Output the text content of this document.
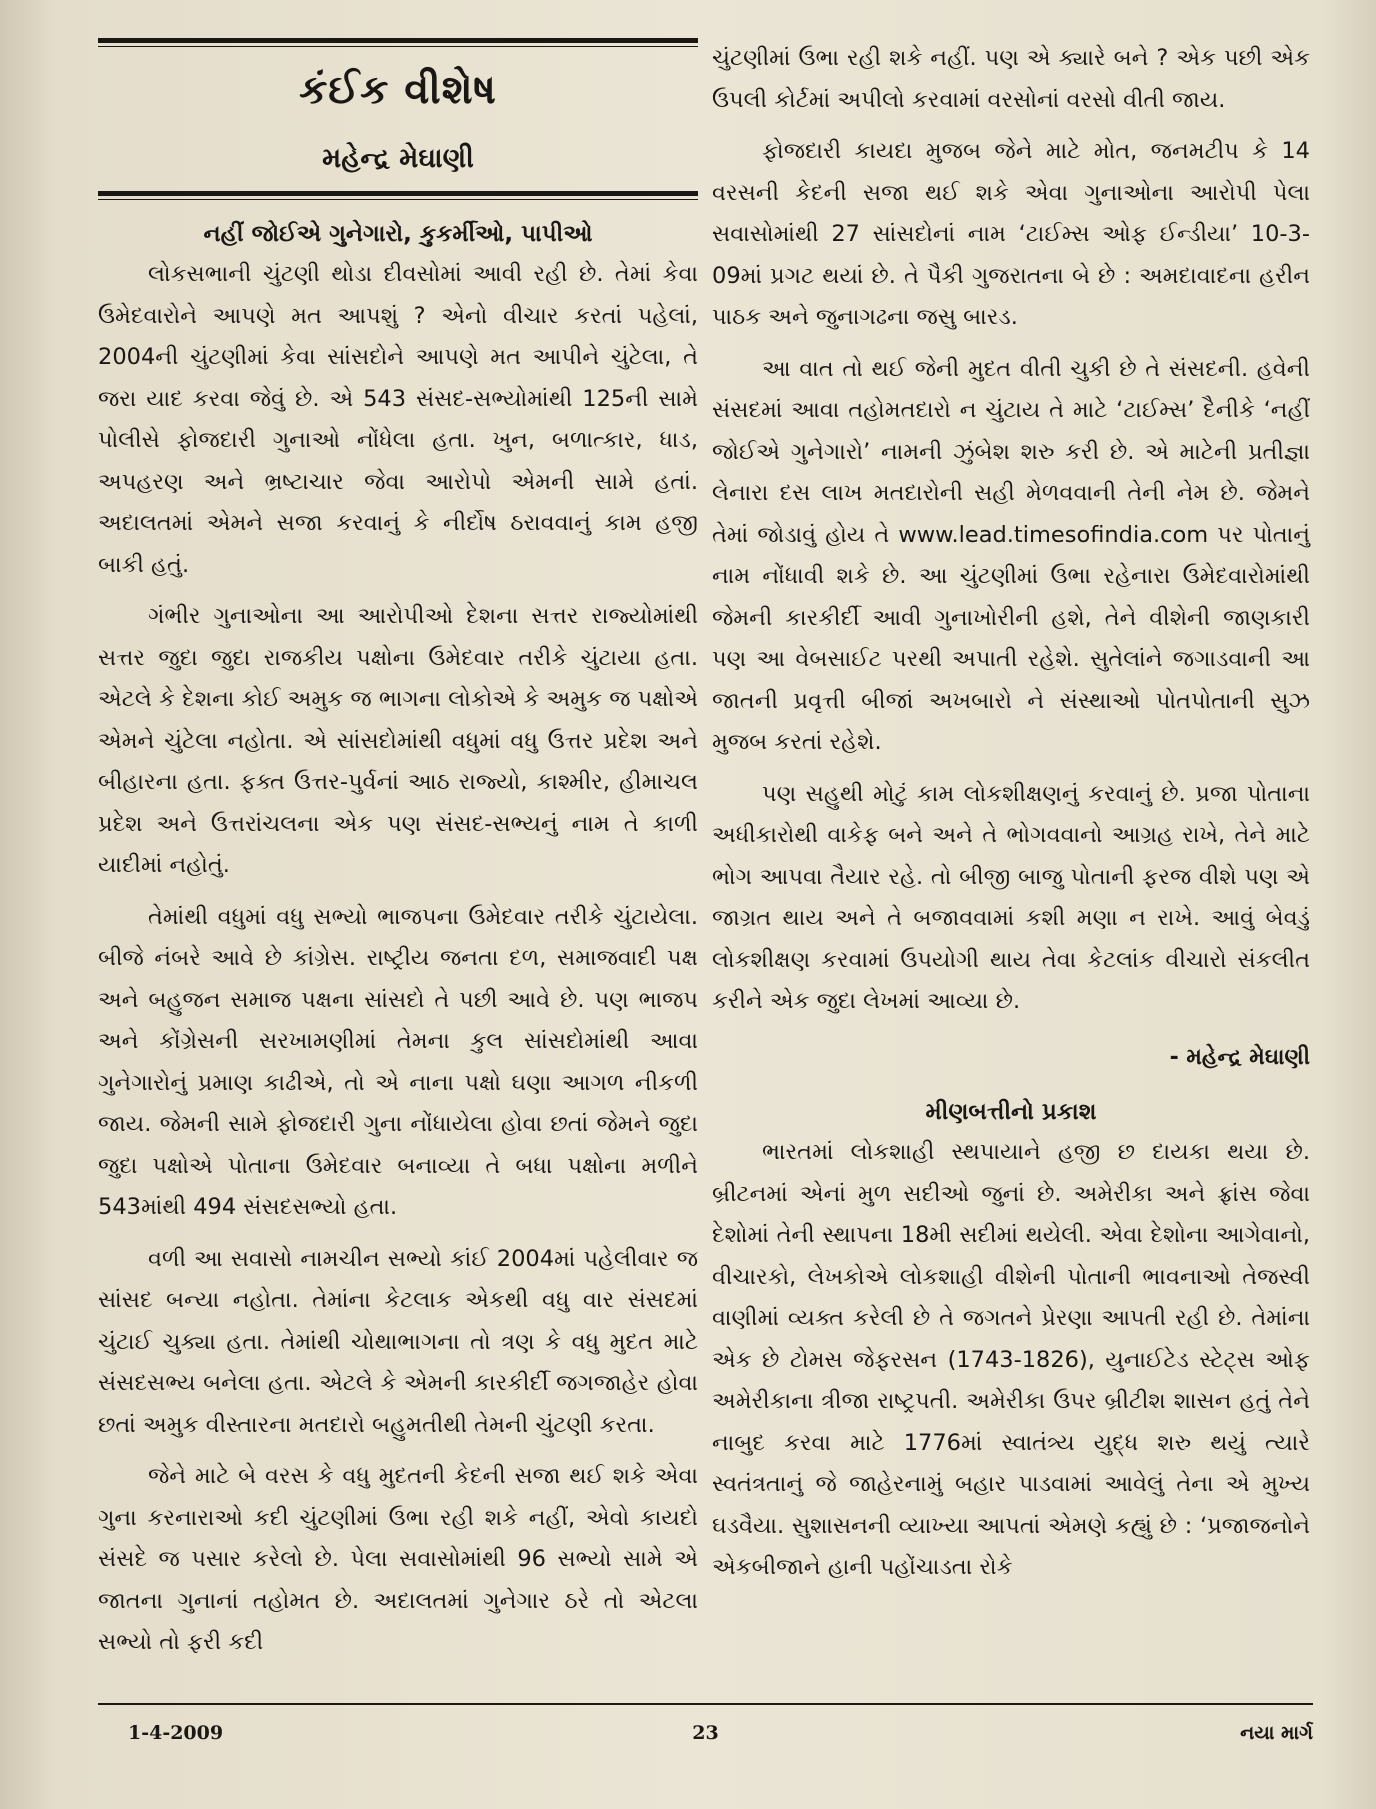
કંઈક વીશેષ
મહેન્દ્ર મેઘાણી
નહીં જોઈએ ગુનેગારો, કુકર્મીઓ, પાપીઓ

લોકસભાની ચુંટણી થોડા દીવસોમાં આવી રહી છે. તેમાં કેવા ઉમેદવારોને આપણે મત આપશું ? એનો વીચાર કરતાં પહેલાં, 2004ની ચુંટણીમાં કેવા સાંસદોને આપણે મત આપીને ચુંટેલા, તે જરા યાદ કરવા જેવું છે. એ 543 સંસદ-સભ્યોમાંથી 125ની સામે પોલીસે ફોજદારી ગુનાઓ નોંધેલા હતા. ખુન, બળાત્કાર, ધાડ, અપહરણ અને ભ્રષ્ટાચાર જેવા આરોપો એમની સામે હતાં. અદાલતમાં એમને સજા કરવાનું કે નીર્દોષ ઠરાવવાનું કામ હજી બાકી હતું.

ગંભીર ગુનાઓના આ આરોપીઓ દેશના સત્તર રાજ્યોમાંથી સત્તર જુદા જુદા રાજકીય પક્ષોના ઉમેદવાર તરીકે ચુંટાયા હતા. એટલે કે દેશના કોઈ અમુક જ ભાગના લોકોએ કે અમુક જ પક્ષોએ એમને ચુંટેલા નહોતા. એ સાંસદોમાંથી વધુમાં વધુ ઉત્તર પ્રદેશ અને બીહારના હતા. ફક્ત ઉત્તર-પુર્વનાં આઠ રાજ્યો, કાશ્મીર, હીમાચલ પ્રદેશ અને ઉત્તરાંચલના એક પણ સંસદ-સભ્યનું નામ તે કાળી યાદીમાં નહોતું.

તેમાંથી વધુમાં વધુ સભ્યો ભાજપના ઉમેદવાર તરીકે ચુંટાયેલા. બીજે નંબરે આવે છે કાંગ્રેસ. રાષ્ટ્રીય જનતા દળ, સમાજવાદી પક્ષ અને બહુજન સમાજ પક્ષના સાંસદો તે પછી આવે છે. પણ ભાજપ અને કોંગ્રેસની સરખામણીમાં તેમના કુલ સાંસદોમાંથી આવા ગુનેગારોનું પ્રમાણ કાઢીએ, તો એ નાના પક્ષો ઘણા આગળ નીકળી જાય. જેમની સામે ફોજદારી ગુના નોંધાયેલા હોવા છતાં જેમને જુદા જુદા પક્ષોએ પોતાના ઉમેદવાર બનાવ્યા તે બધા પક્ષોના મળીને 543માંથી 494 સંસદસભ્યો હતા.

વળી આ સવાસો નામચીન સભ્યો કાંઈ 2004માં પહેલીવાર જ સાંસદ બન્યા નહોતા. તેમાંના કેટલાક એકથી વધુ વાર સંસદમાં ચુંટાઈ ચુક્યા હતા. તેમાંથી ચોથાભાગના તો ત્રણ કે વધુ મુદત માટે સંસદસભ્ય બનેલા હતા. એટલે કે એમની કારકીર્દી જગજાહેર હોવા છતાં અમુક વીસ્તારના મતદારો બહુમતીથી તેમની ચુંટણી કરતા.

જેને માટે બે વરસ કે વધુ મુદતની કેદની સજા થઈ શકે એવા ગુના કરનારાઓ કદી ચુંટણીમાં ઉભા રહી શકે નહીં, એવો કાયદો સંસદે જ પસાર કરેલો છે. પેલા સવાસોમાંથી 96 સભ્યો સામે એ જાતના ગુનાનાં તહોમત છે. અદાલતમાં ગુનેગાર ઠરે તો એટલા સભ્યો તો ફરી કદી

ચુંટણીમાં ઉભા રહી શકે નહીં. પણ એ ક્યારે બને ? એક પછી એક ઉપલી કોર્ટમાં અપીલો કરવામાં વરસોનાં વરસો વીતી જાય.

ફોજદારી કાયદા મુજબ જેને માટે મોત, જનમટીપ કે 14 વરસની કેદની સજા થઈ શકે એવા ગુનાઓના આરોપી પેલા સવાસોમાંથી 27 સાંસદોનાં નામ ‘ટાઈમ્સ ઓફ ઈન્ડીયા’ 10-3- 09માં પ્રગટ થયાં છે. તે પૈકી ગુજરાતના બે છે : અમદાવાદના હરીન પાઠક અને જુનાગઢના જસુ બારડ.

આ વાત તો થઈ જેની મુદત વીતી ચુકી છે તે સંસદની. હવેની સંસદમાં આવા તહોમતદારો ન ચુંટાય તે માટે ‘ટાઈમ્સ’ દૈનીકે ‘નહીં જોઈએ ગુનેગારો’ નામની ઝુંબેશ શરુ કરી છે. એ માટેની પ્રતીજ્ઞા લેનારા દસ લાખ મતદારોની સહી મેળવવાની તેની નેમ છે. જેમને તેમાં જોડાવું હોય તે www.lead.timesofindia.com પર પોતાનું નામ નોંધાવી શકે છે. આ ચુંટણીમાં ઉભા રહેનારા ઉમેદવારોમાંથી જેમની કારકીર્દી આવી ગુનાખોરીની હશે, તેને વીશેની જાણકારી પણ આ વેબસાઈટ પરથી અપાતી રહેશે. સુતેલાંને જગાડવાની આ જાતની પ્રવૃત્તી બીજાં અખબારો ને સંસ્થાઓ પોતપોતાની સુઝ મુજબ કરતાં રહેશે.

પણ સહુથી મોટું કામ લોકશીક્ષણનું કરવાનું છે. પ્રજા પોતાના અધીકારોથી વાકેફ બને અને તે ભોગવવાનો આગ્રહ રાખે, તેને માટે ભોગ આપવા તૈયાર રહે. તો બીજી બાજુ પોતાની ફરજ વીશે પણ એ જાગ્રત થાય અને તે બજાવવામાં કશી મણા ન રાખે. આવું બેવડું લોકશીક્ષણ કરવામાં ઉપયોગી થાય તેવા કેટલાંક વીચારો સંકલીત કરીને એક જુદા લેખમાં આવ્યા છે.

- મહેન્દ્ર મેઘાણી
મીણબત્તીનો પ્રકાશ

ભારતમાં લોકશાહી સ્થપાયાને હજી છ દાયકા થયા છે. બ્રીટનમાં એનાં મુળ સદીઓ જુનાં છે. અમેરીકા અને ફ્રાંસ જેવા દેશોમાં તેની સ્થાપના 18મી સદીમાં થયેલી. એવા દેશોના આગેવાનો, વીચારકો, લેખકોએ લોકશાહી વીશેની પોતાની ભાવનાઓ તેજસ્વી વાણીમાં વ્યક્ત કરેલી છે તે જગતને પ્રેરણા આપતી રહી છે. તેમાંના એક છે ટોમસ જેફરસન (1743-1826), યુનાઈટેડ સ્ટેટ્સ ઓફ અમેરીકાના ત્રીજા રાષ્ટ્રપતી. અમેરીકા ઉપર બ્રીટીશ શાસન હતું તેને નાબુદ કરવા માટે 1776માં સ્વાતંત્ર્ય યુદ્ધ શરુ થયું ત્યારે સ્વતંત્રતાનું જે જાહેરનામું બહાર પાડવામાં આવેલું તેના એ મુખ્ય ઘડવૈયા. સુશાસનની વ્યાખ્યા આપતાં એમણે કહ્યું છે : ‘પ્રજાજનોને એકબીજાને હાની પહોંચાડતા રોકે

1-4-2009	23	નયા માર્ગ
